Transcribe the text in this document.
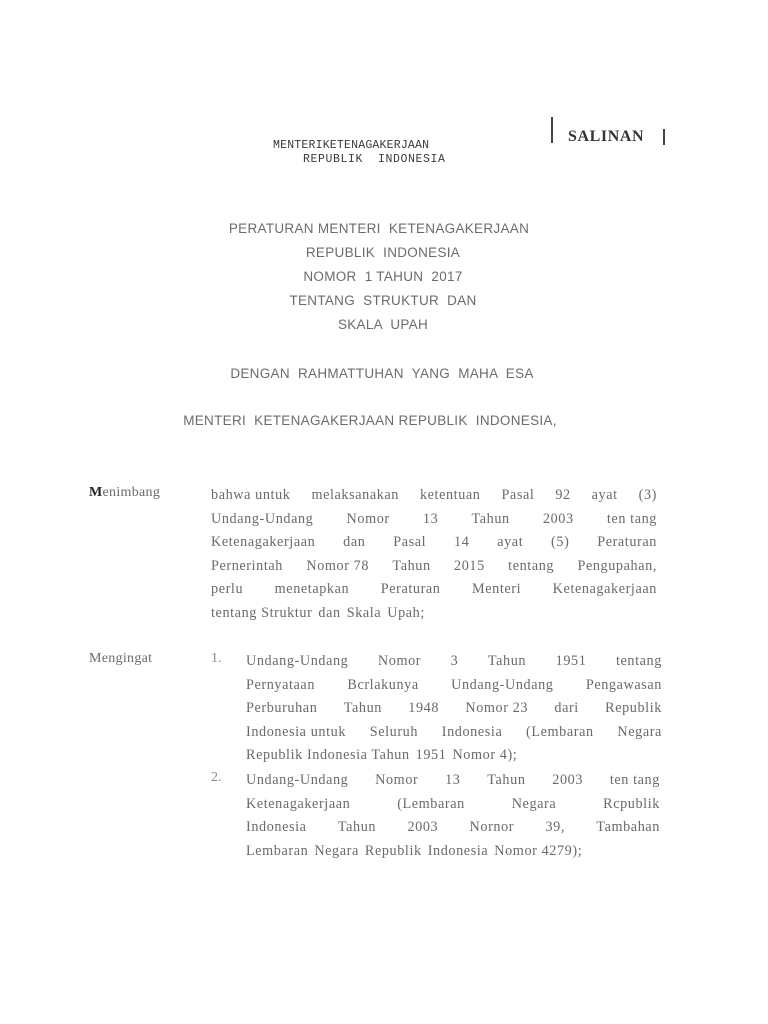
MENTERIKETENAGAKERJAAN
REPUBLIK  INDONESIA
SALINAN
PERATURAN MENTERI  KETENAGAKERJAAN
REPUBLIK  INDONESIA
NOMOR  1 TAHUN  2017
TENTANG  STRUKTUR  DAN
SKALA  UPAH
DENGAN  RAHMATTUHAN  YANG  MAHA  ESA
MENTERI  KETENAGAKERJAAN REPUBLIK  INDONESIA,
Menimbang	bahwa untuk melaksanakan ketentuan Pasal 92 ayat (3)
Undang-Undang Nomor 13 Tahun 2003 ten tang
Ketenagakerjaan dan Pasal 14 ayat (5) Peraturan
Pernerintah Nomor 78 Tahun 2015 tentang Pengupahan,
perlu menetapkan Peraturan Menteri Ketenagakerjaan
tentang Struktur dan Skala Upah;
Mengingat	1. Undang-Undang Nomor 3 Tahun 1951 tentang
Pernyataan Bcrlakunya Undang-Undang Pengawasan
Perburuhan Tahun 1948 Nomor 23 dari Republik
Indonesia untuk Seluruh Indonesia (Lembaran Negara
Republik Indonesia Tahun 1951 Nomor 4);
2. Undang-Undang Nomor 13 Tahun 2003 ten tang
Ketenagakerjaan	(Lembaran	Negara	Rcpublik
Indonesia Tahun 2003 Nornor 39, Tambahan
Lembaran Negara Republik Indonesia Nomor 4279);
